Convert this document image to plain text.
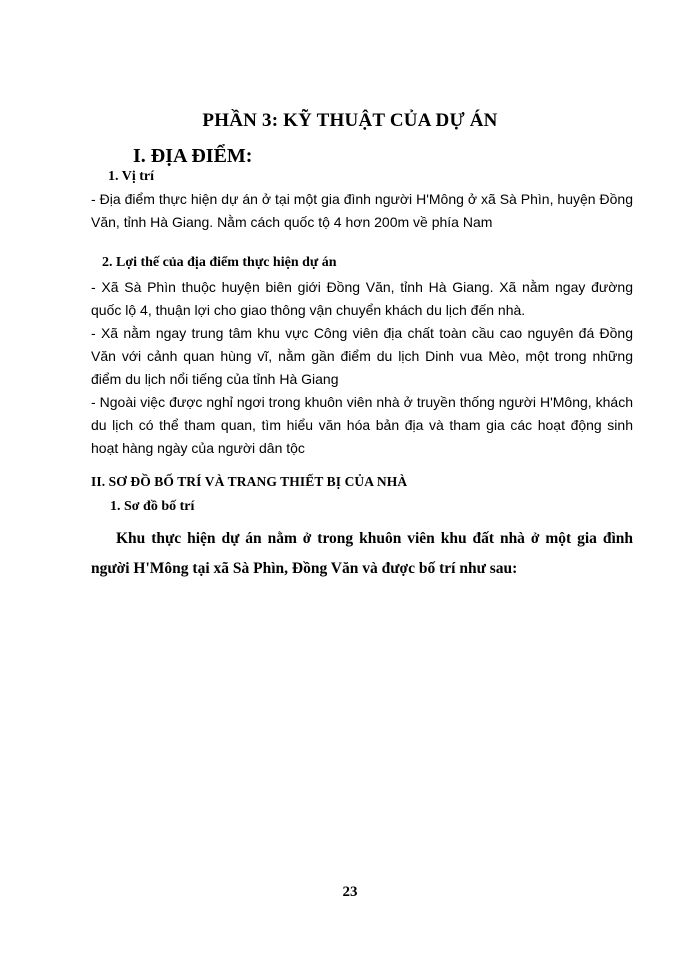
PHẦN 3: KỸ THUẬT CỦA DỰ ÁN
I. ĐỊA ĐIỂM:
1. Vị trí

- Địa điểm thực hiện dự án ở tại một gia đình người H'Mông ở xã Sà Phìn, huyện Đồng Văn, tỉnh Hà Giang. Nằm cách quốc tộ 4 hơn 200m về phía Nam

2. Lợi thế của địa điểm thực hiện dự án

- Xã Sà Phìn thuộc huyện biên giới Đồng Văn, tỉnh Hà Giang. Xã nằm ngay đường quốc lộ 4, thuận lợi cho giao thông vận chuyển khách du lịch đến nhà.

- Xã nằm ngay trung tâm khu vực Công viên địa chất toàn cầu cao nguyên đá Đồng Văn với cảnh quan hùng vĩ, nằm gần điểm du lịch Dinh vua Mèo, một trong những điểm du lịch nổi tiếng của tỉnh Hà Giang

- Ngoài việc được nghỉ ngơi trong khuôn viên nhà ở truyền thống người H'Mông, khách du lịch có thể tham quan, tìm hiểu văn hóa bản địa và tham gia các hoạt động sinh hoạt hàng ngày của người dân tộc

II. SƠ ĐỒ BỐ TRÍ VÀ TRANG THIẾT BỊ CỦA NHÀ
1. Sơ đồ bố trí

Khu thực hiện dự án nằm ở trong khuôn viên khu đất nhà ở một gia đình người H'Mông tại xã Sà Phìn, Đồng Văn và được bố trí như sau:

23
